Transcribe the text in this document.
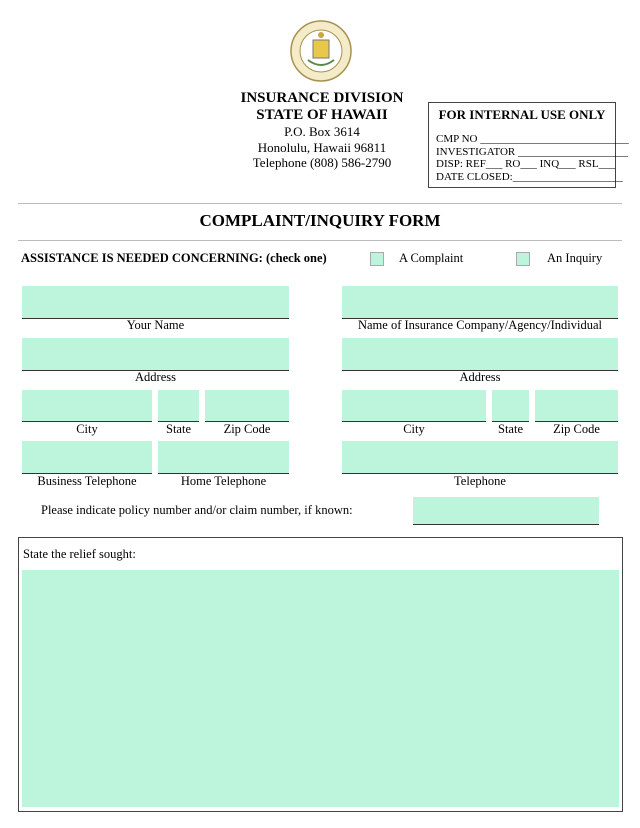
INSURANCE DIVISION
STATE OF HAWAII
P.O. Box 3614
Honolulu, Hawaii 96811
Telephone (808) 586-2790
FOR INTERNAL USE ONLY
CMP NO ___________________________
INVESTIGATOR ____________________
DISP: REF___ RO___ INQ___ RSL___
DATE CLOSED:____________________
COMPLAINT/INQUIRY FORM
ASSISTANCE IS NEEDED CONCERNING: (check one)	A Complaint	An Inquiry
Your Name
Address
City	State	Zip Code
Business Telephone	Home Telephone
Name of Insurance Company/Agency/Individual
Address
City	State	Zip Code
Telephone
Please indicate policy number and/or claim number, if known:
State the relief sought:
